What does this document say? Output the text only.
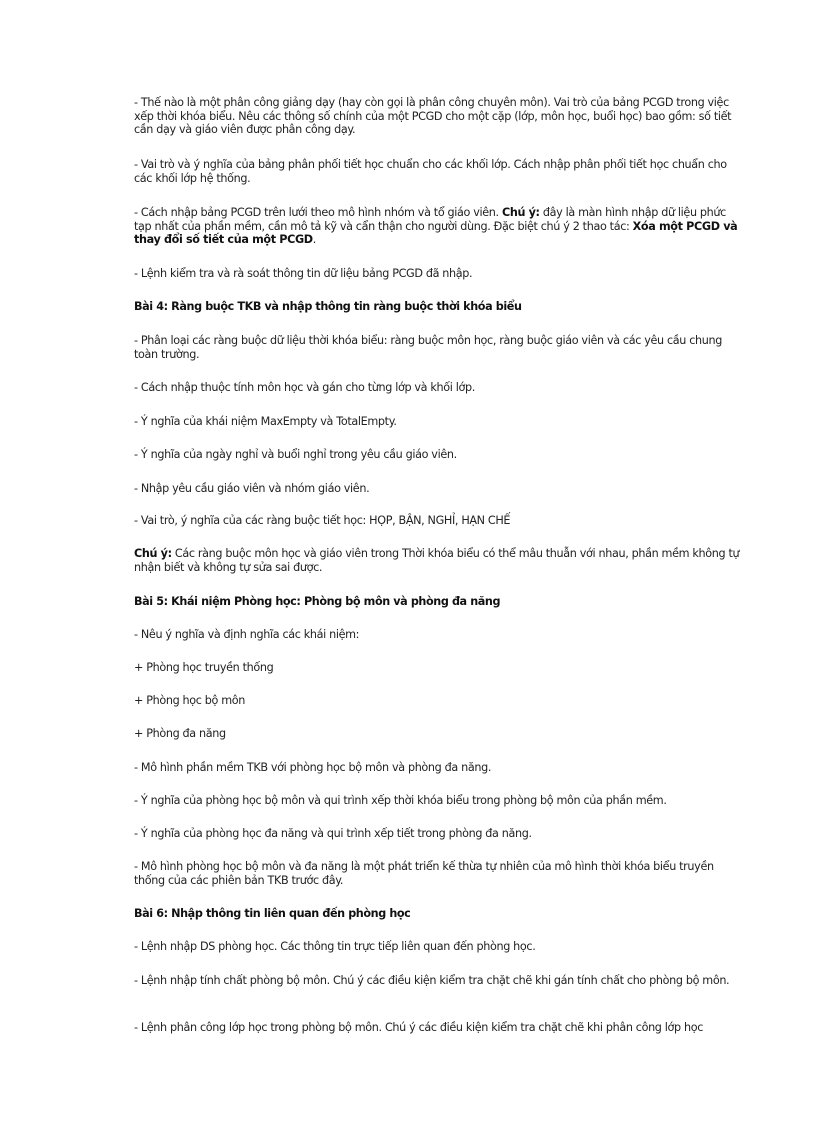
- Thế nào là một phân công giảng dạy (hay còn gọi là phân công chuyên môn). Vai trò của bảng PCGD trong việc xếp thời khóa biểu. Nêu các thông số chính của một PCGD cho một cặp (lớp, môn học, buổi học) bao gồm: số tiết cần dạy và giáo viên được phân công dạy.

- Vai trò và ý nghĩa của bảng phân phối tiết học chuẩn cho các khối lớp. Cách nhập phân phối tiết học chuẩn cho các khối lớp hệ thống.

- Cách nhập bảng PCGD trên lưới theo mô hình nhóm và tổ giáo viên. Chú ý: đây là màn hình nhập dữ liệu phức tạp nhất của phần mềm, cần mô tả kỹ và cẩn thận cho người dùng. Đặc biệt chú ý 2 thao tác: Xóa một PCGD và thay đổi số tiết của một PCGD.

- Lệnh kiểm tra và rà soát thông tin dữ liệu bảng PCGD đã nhập.

Bài 4: Ràng buộc TKB và nhập thông tin ràng buộc thời khóa biểu

- Phân loại các ràng buộc dữ liệu thời khóa biểu: ràng buộc môn học, ràng buộc giáo viên và các yêu cầu chung toàn trường.

- Cách nhập thuộc tính môn học và gán cho từng lớp và khối lớp.

- Ý nghĩa của khái niệm MaxEmpty và TotalEmpty.

- Ý nghĩa của ngày nghỉ và buổi nghỉ trong yêu cầu giáo viên.

- Nhập yêu cầu giáo viên và nhóm giáo viên.

- Vai trò, ý nghĩa của các ràng buộc tiết học: HỌP, BẬN, NGHỈ, HẠN CHẾ

Chú ý: Các ràng buộc môn học và giáo viên trong Thời khóa biểu có thể mâu thuẫn với nhau, phần mềm không tự nhận biết và không tự sửa sai được.

Bài 5: Khái niệm Phòng học: Phòng bộ môn và phòng đa năng

- Nêu ý nghĩa và định nghĩa các khái niệm:

+ Phòng học truyền thống

+ Phòng học bộ môn

+ Phòng đa năng

- Mô hình phần mềm TKB với phòng học bộ môn và phòng đa năng.

- Ý nghĩa của phòng học bộ môn và qui trình xếp thời khóa biểu trong phòng bộ môn của phần mềm.

- Ý nghĩa của phòng học đa năng và qui trình xếp tiết trong phòng đa năng.

- Mô hình phòng học bộ môn và đa năng là một phát triển kế thừa tự nhiên của mô hình thời khóa biểu truyền thống của các phiên bản TKB trước đây.

Bài 6: Nhập thông tin liên quan đến phòng học

- Lệnh nhập DS phòng học. Các thông tin trực tiếp liên quan đến phòng học.

- Lệnh nhập tính chất phòng bộ môn. Chú ý các điều kiện kiểm tra chặt chẽ khi gán tính chất cho phòng bộ môn.

- Lệnh phân công lớp học trong phòng bộ môn. Chú ý các điều kiện kiểm tra chặt chẽ khi phân công lớp học
